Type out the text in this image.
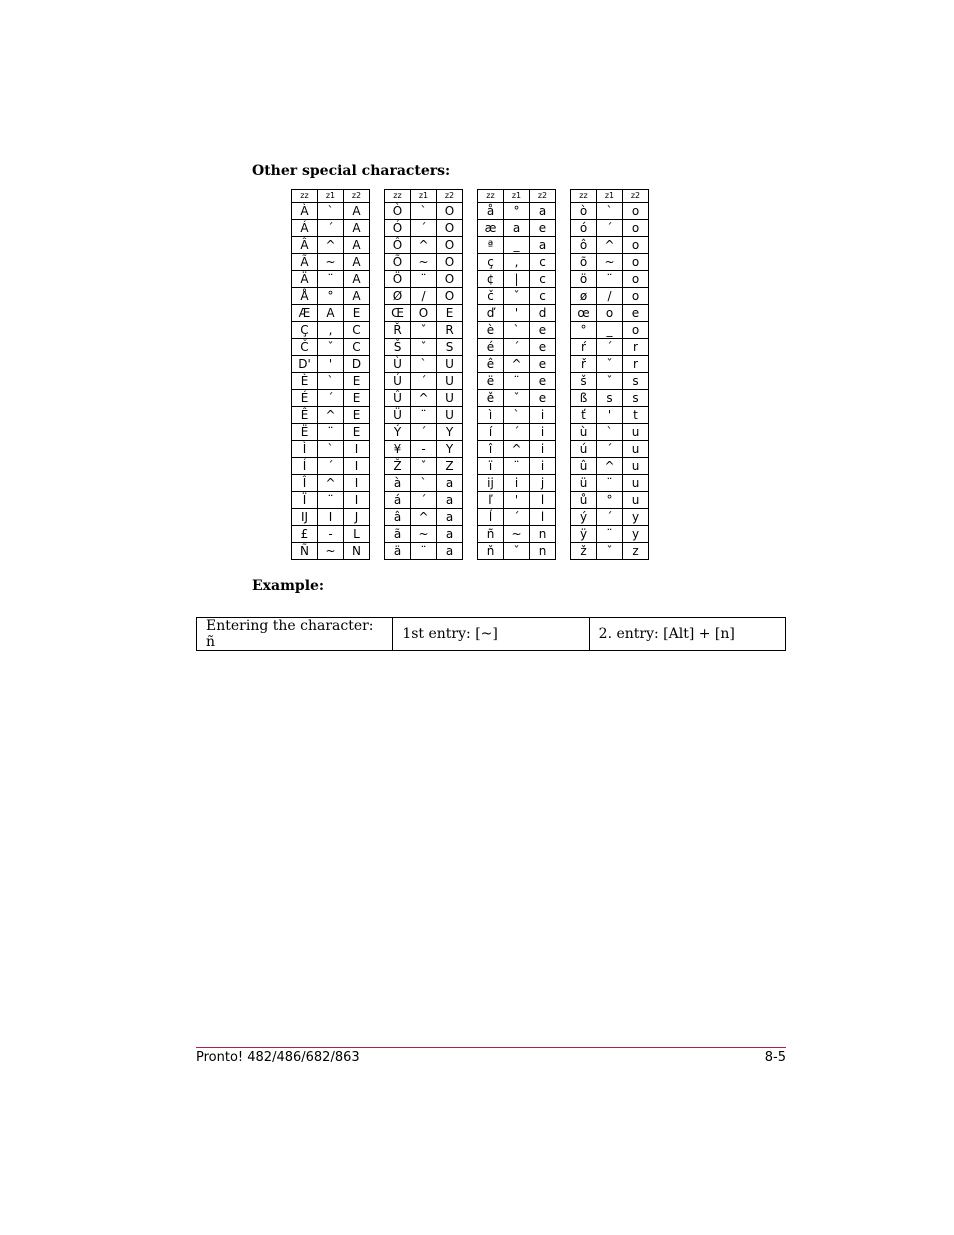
Other special characters:
zz	z1	z2
À	`	A
Á	´	A
Â	^	A
Ã	~	A
Ä	¨	A
Å	°	A
Æ	A	E
Ç	,	C
Č	ˇ	C
D'	'	D
È	`	E
É	´	E
Ê	^	E
Ë	¨	E
Ì	`	I
Í	´	I
Î	^	I
Ï	¨	I
IJ	I	J
£	-	L
Ñ	~	N
zz	z1	z2
Ò	`	O
Ó	´	O
Ô	^	O
Õ	~	O
Ö	¨	O
Ø	/	O
Œ	O	E
Ř	ˇ	R
Š	ˇ	S
Ù	`	U
Ú	´	U
Û	^	U
Ü	¨	U
Ý	´	Y
¥	-	Y
Ž	ˇ	Z
à	`	a
á	´	a
â	^	a
ã	~	a
ä	¨	a
zz	z1	z2
å	°	a
æ	a	e
ª	_	a
ç	,	c
¢	|	c
č	ˇ	c
ď	'	d
è	`	e
é	´	e
ê	^	e
ë	¨	e
ě	ˇ	e
ì	`	i
í	´	i
î	^	i
ï	¨	i
ij	i	j
ľ	'	l
ĺ	´	l
ñ	~	n
ň	ˇ	n
zz	z1	z2
ò	`	o
ó	´	o
ô	^	o
õ	~	o
ö	¨	o
ø	/	o
œ	o	e
°	_	o
ŕ	´	r
ř	ˇ	r
š	ˇ	s
ß	s	s
ť	'	t
ù	`	u
ú	´	u
û	^	u
ü	¨	u
ů	°	u
ý	´	y
ÿ	¨	y
ž	ˇ	z
Example:
Entering the character: ñ	1st entry: [~]	2. entry: [Alt] + [n]
Pronto! 482/486/682/863	8-5
